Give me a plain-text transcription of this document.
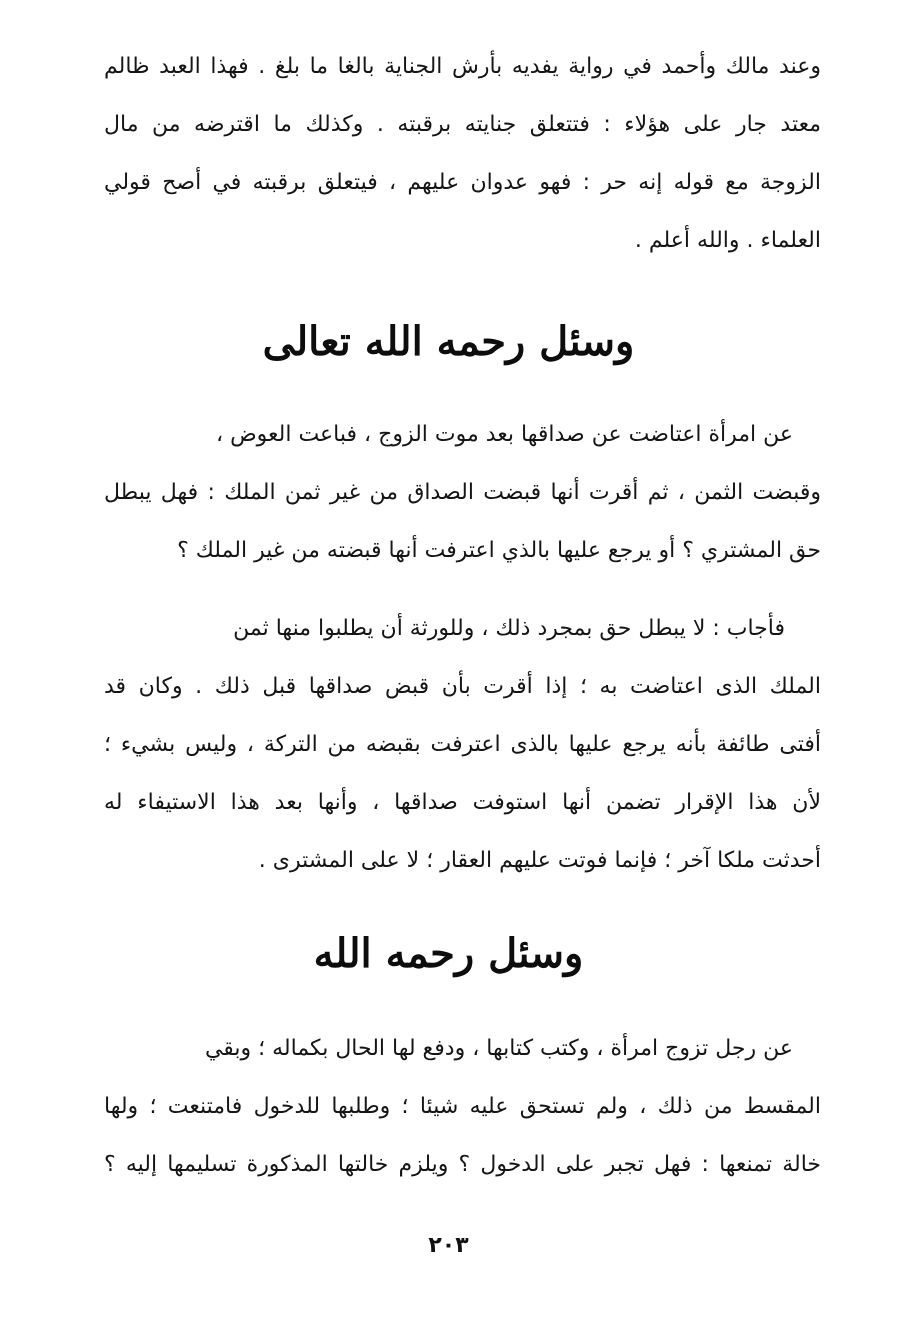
وعند مالك وأحمد في رواية يفديه بأرش الجناية بالغا ما بلغ . فهذا العبد ظالم
معتد جار على هؤلاء : فتتعلق جنايته برقبته . وكذلك ما اقترضه من مال
الزوجة مع قوله إنه حر : فهو عدوان عليهم ، فيتعلق برقبته في أصح قولي
العلماء . والله أعلم .
وسئل رحمه الله تعالى
عن امرأة اعتاضت عن صداقها بعد موت الزوج ، فباعت العوض ،
وقبضت الثمن ، ثم أقرت أنها قبضت الصداق من غير ثمن الملك : فهل يبطل
حق المشتري ؟ أو يرجع عليها بالذي اعترفت أنها قبضته من غير الملك ؟
فأجاب : لا يبطل حق بمجرد ذلك ، وللورثة أن يطلبوا منها ثمن
الملك الذى اعتاضت به ؛ إذا أقرت بأن قبض صداقها قبل ذلك . وكان قد
أفتى طائفة بأنه يرجع عليها بالذى اعترفت بقبضه من التركة ، وليس بشيء ؛
لأن هذا الإقرار تضمن أنها استوفت صداقها ، وأنها بعد هذا الاستيفاء له
أحدثت ملكا آخر ؛ فإنما فوتت عليهم العقار ؛ لا على المشترى .
وسئل رحمه الله
عن رجل تزوج امرأة ، وكتب كتابها ، ودفع لها الحال بكماله ؛ وبقي
المقسط من ذلك ، ولم تستحق عليه شيئا ؛ وطلبها للدخول فامتنعت ؛ ولها
خالة تمنعها : فهل تجبر على الدخول ؟ ويلزم خالتها المذكورة تسليمها إليه ؟
٢٠٣
